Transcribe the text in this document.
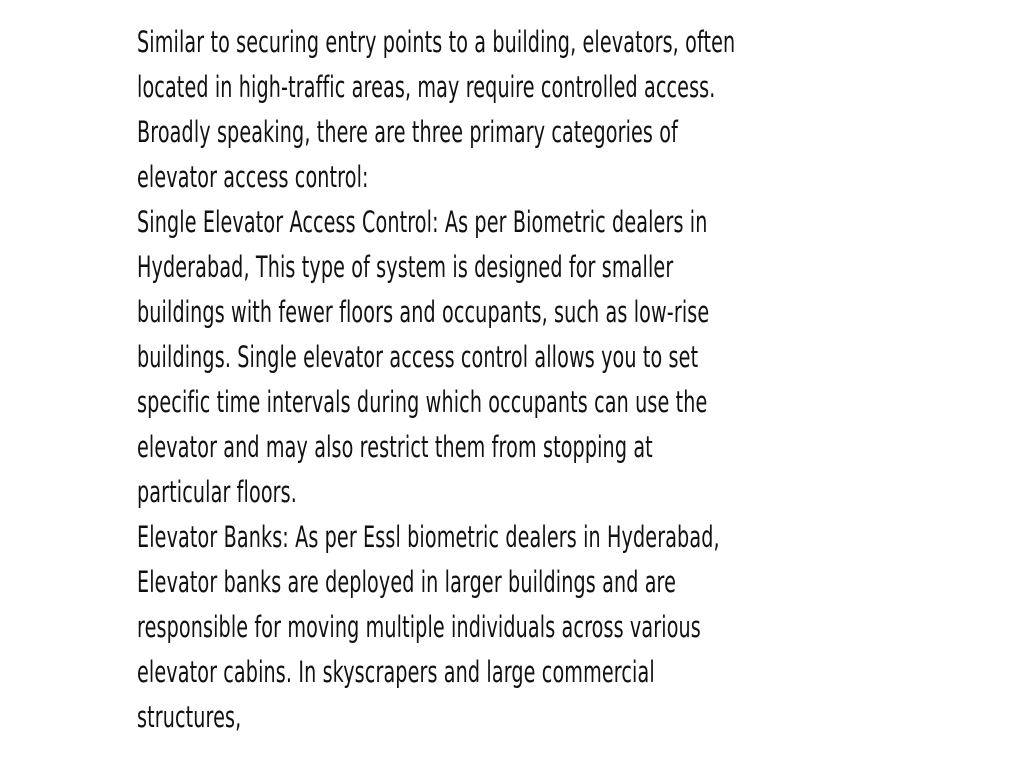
Similar to securing entry points to a building, elevators, often
located in high-traffic areas, may require controlled access.
Broadly speaking, there are three primary categories of
elevator access control:
Single Elevator Access Control: As per Biometric dealers in
Hyderabad, This type of system is designed for smaller
buildings with fewer floors and occupants, such as low-rise
buildings. Single elevator access control allows you to set
specific time intervals during which occupants can use the
elevator and may also restrict them from stopping at
particular floors.
Elevator Banks: As per Essl biometric dealers in Hyderabad,
Elevator banks are deployed in larger buildings and are
responsible for moving multiple individuals across various
elevator cabins. In skyscrapers and large commercial
structures,
